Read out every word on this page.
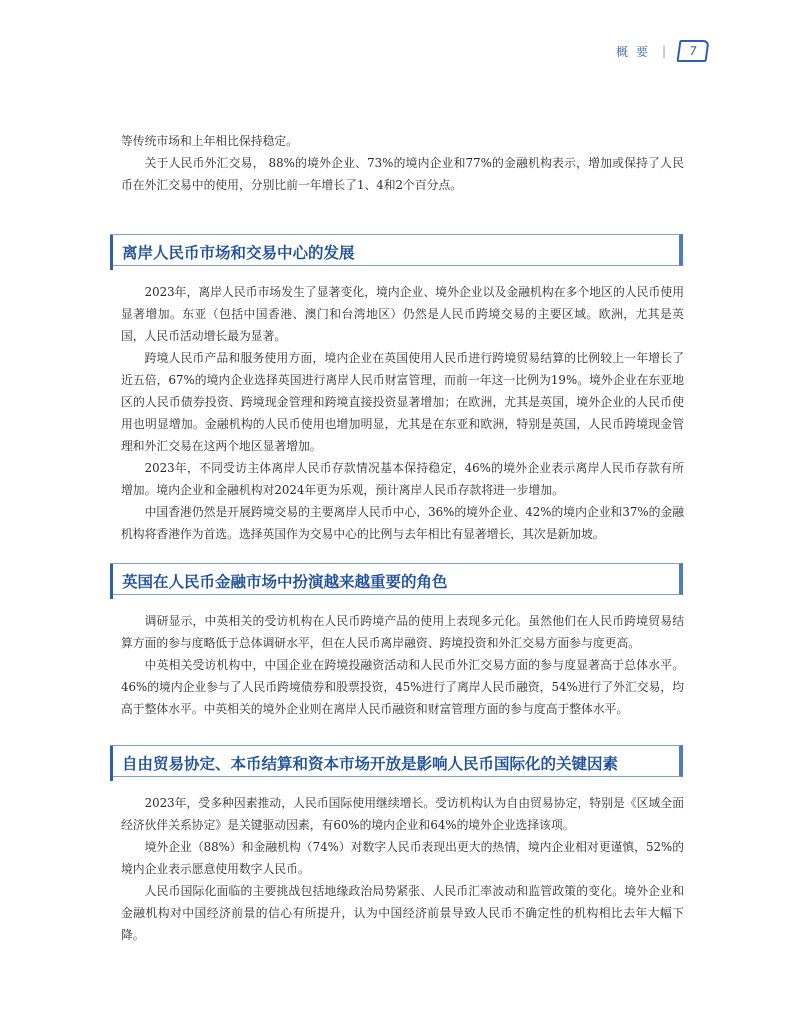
概 要 | 7

等传统市场和上年相比保持稳定。

关于人民币外汇交易， 88%的境外企业、73%的境内企业和77%的金融机构表示，增加或保持了人民币在外汇交易中的使用，分别比前一年增长了1、4和2个百分点。

离岸人民币市场和交易中心的发展

2023年，离岸人民币市场发生了显著变化，境内企业、境外企业以及金融机构在多个地区的人民币使用显著增加。东亚（包括中国香港、澳门和台湾地区）仍然是人民币跨境交易的主要区域。欧洲，尤其是英国，人民币活动增长最为显著。

跨境人民币产品和服务使用方面，境内企业在英国使用人民币进行跨境贸易结算的比例较上一年增长了近五倍，67%的境内企业选择英国进行离岸人民币财富管理，而前一年这一比例为19%。境外企业在东亚地区的人民币债券投资、跨境现金管理和跨境直接投资显著增加；在欧洲，尤其是英国，境外企业的人民币使用也明显增加。金融机构的人民币使用也增加明显，尤其是在东亚和欧洲，特别是英国，人民币跨境现金管理和外汇交易在这两个地区显著增加。

2023年，不同受访主体离岸人民币存款情况基本保持稳定，46%的境外企业表示离岸人民币存款有所增加。境内企业和金融机构对2024年更为乐观，预计离岸人民币存款将进一步增加。

中国香港仍然是开展跨境交易的主要离岸人民币中心，36%的境外企业、42%的境内企业和37%的金融机构将香港作为首选。选择英国作为交易中心的比例与去年相比有显著增长，其次是新加坡。

英国在人民币金融市场中扮演越来越重要的角色

调研显示，中英相关的受访机构在人民币跨境产品的使用上表现多元化。虽然他们在人民币跨境贸易结算方面的参与度略低于总体调研水平，但在人民币离岸融资、跨境投资和外汇交易方面参与度更高。

中英相关受访机构中，中国企业在跨境投融资活动和人民币外汇交易方面的参与度显著高于总体水平。46%的境内企业参与了人民币跨境债券和股票投资，45%进行了离岸人民币融资，54%进行了外汇交易，均高于整体水平。中英相关的境外企业则在离岸人民币融资和财富管理方面的参与度高于整体水平。

自由贸易协定、本币结算和资本市场开放是影响人民币国际化的关键因素

2023年，受多种因素推动，人民币国际使用继续增长。受访机构认为自由贸易协定，特别是《区域全面经济伙伴关系协定》是关键驱动因素，有60%的境内企业和64%的境外企业选择该项。

境外企业（88%）和金融机构（74%）对数字人民币表现出更大的热情，境内企业相对更谨慎，52%的境内企业表示愿意使用数字人民币。

人民币国际化面临的主要挑战包括地缘政治局势紧张、人民币汇率波动和监管政策的变化。境外企业和金融机构对中国经济前景的信心有所提升，认为中国经济前景导致人民币不确定性的机构相比去年大幅下降。
